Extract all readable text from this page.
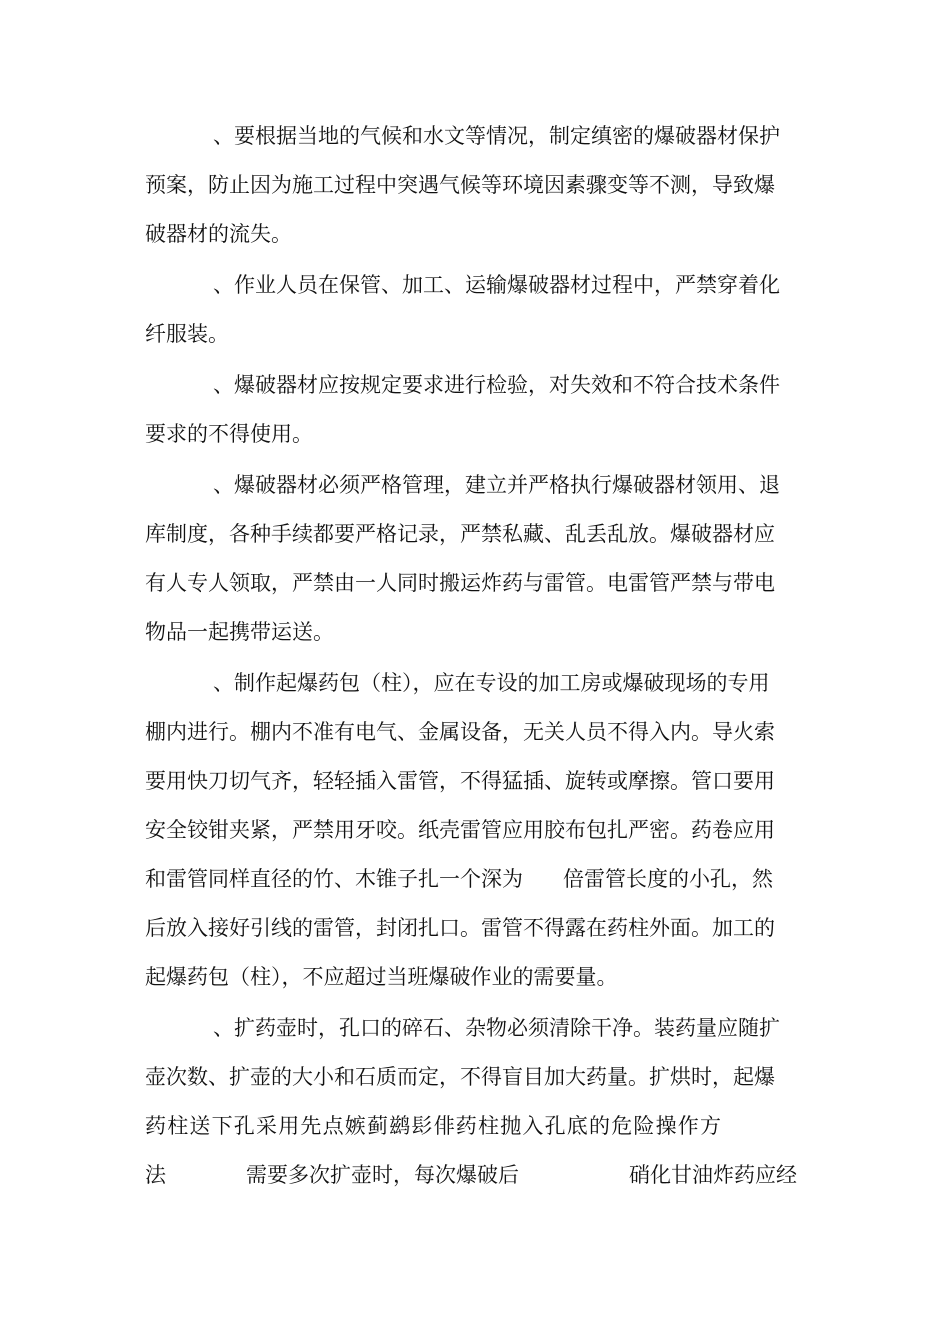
、要根据当地的气候和水文等情况，制定缜密的爆破器材保护
预案，防止因为施工过程中突遇气候等环境因素骤变等不测，导致爆
破器材的流失。
、作业人员在保管、加工、运输爆破器材过程中，严禁穿着化
纤服装。
、爆破器材应按规定要求进行检验，对失效和不符合技术条件
要求的不得使用。
、爆破器材必须严格管理，建立并严格执行爆破器材领用、退
库制度，各种手续都要严格记录，严禁私藏、乱丢乱放。爆破器材应
有人专人领取，严禁由一人同时搬运炸药与雷管。电雷管严禁与带电
物品一起携带运送。
、制作起爆药包（柱），应在专设的加工房或爆破现场的专用
棚内进行。棚内不准有电气、金属设备，无关人员不得入内。导火索
要用快刀切气齐，轻轻插入雷管，不得猛插、旋转或摩擦。管口要用
安全铰钳夹紧，严禁用牙咬。纸壳雷管应用胶布包扎严密。药卷应用
和雷管同样直径的竹、木锥子扎一个深为 倍雷管长度的小孔，然
后放入接好引线的雷管，封闭扎口。雷管不得露在药柱外面。加工的
起爆药包（柱），不应超过当班爆破作业的需要量。
、扩药壶时，孔口的碎石、杂物必须清除干净。装药量应随扩
壶次数、扩壶的大小和石质而定，不得盲目加大药量。扩烘时，起爆
药柱送下孔采用先点嫉蓟鹚髟俳药柱抛入孔底的危险操作方
法	需要多次扩壶时，每次爆破后	硝化甘油炸药应经
